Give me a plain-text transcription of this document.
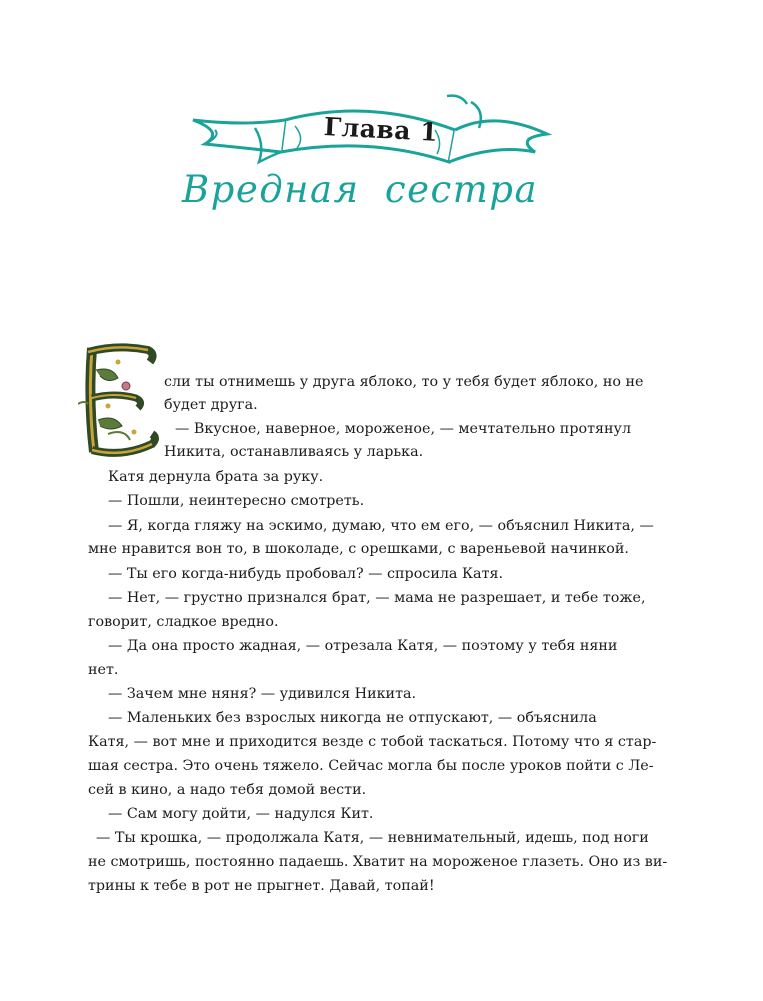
Глава 1
Вредная сестра

сли ты отнимешь у друга яблоко, то у тебя будет яблоко, но не

будет друга.

— Вкусное, наверное, мороженое, — мечтательно протянул

Никита, останавливаясь у ларька.

Катя дернула брата за руку.

— Пошли, неинтересно смотреть.

— Я, когда гляжу на эскимо, думаю, что ем его, — объяснил Никита, —

мне нравится вон то, в шоколаде, с орешками, с вареньевой начинкой.

— Ты его когда-нибудь пробовал? — спросила Катя.

— Нет, — грустно признался брат, — мама не разрешает, и тебе тоже,

говорит, сладкое вредно.

— Да она просто жадная, — отрезала Катя, — поэтому у тебя няни

нет.

— Зачем мне няня? — удивился Никита.

— Маленьких без взрослых никогда не отпускают, — объяснила

Катя, — вот мне и приходится везде с тобой таскаться. Потому что я стар-

шая сестра. Это очень тяжело. Сейчас могла бы после уроков пойти с Ле-

сей в кино, а надо тебя домой вести.

— Сам могу дойти, — надулся Кит.

— Ты крошка, — продолжала Катя, — невнимательный, идешь, под ноги

не смотришь, постоянно падаешь. Хватит на мороженое глазеть. Оно из ви-

трины к тебе в рот не прыгнет. Давай, топай!
